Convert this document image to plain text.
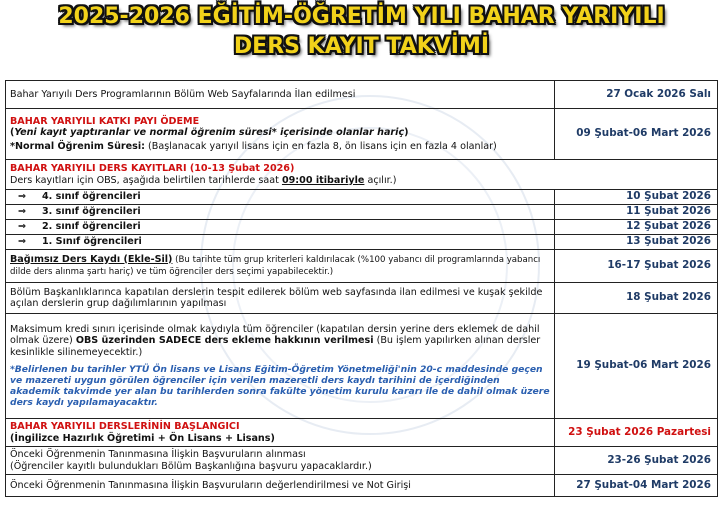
2025-2026 EĞİTİM-ÖĞRETİM YILI BAHAR YARIYILI
DERS KAYIT TAKVİMİ
Bahar Yarıyılı Ders Programlarının Bölüm Web Sayfalarında İlan edilmesi	27 Ocak 2026 Salı

BAHAR YARIYILI KATKI PAYI ÖDEME
(Yeni kayıt yaptıranlar ve normal öğrenim süresi* içerisinde olanlar hariç)
*Normal Öğrenim Süresi: (Başlanacak yarıyıl lisans için en fazla 8, ön lisans için en fazla 4 olanlar)	09 Şubat-06 Mart 2026

BAHAR YARIYILI DERS KAYITLARI (10-13 Şubat 2026)
Ders kayıtları için OBS, aşağıda belirtilen tarihlerde saat 09:00 itibariyle açılır.)	

⇒ 4. sınıf öğrencileri	10 Şubat 2026
⇒ 3. sınıf öğrencileri	11 Şubat 2026
⇒ 2. sınıf öğrencileri	12 Şubat 2026
⇒ 1. Sınıf öğrencileri	13 Şubat 2026
Bağımsız Ders Kaydı (Ekle-Sil) (Bu tarihte tüm grup kriterleri kaldırılacak (%100 yabancı dil programlarında yabancı dilde ders alınma şartı hariç) ve tüm öğrenciler ders seçimi yapabilecektir.)	16-17 Şubat 2026
Bölüm Başkanlıklarınca kapatılan derslerin tespit edilerek bölüm web sayfasında ilan edilmesi ve kuşak şekilde açılan derslerin grup dağılımlarının yapılması	18 Şubat 2026

Maksimum kredi sınırı içerisinde olmak kaydıyla tüm öğrenciler (kapatılan dersin yerine ders eklemek de dahil olmak üzere) OBS üzerinden SADECE ders ekleme hakkının verilmesi (Bu işlem yapılırken alınan dersler kesinlikle silinemeyecektir.)
*Belirlenen bu tarihler YTÜ Ön lisans ve Lisans Eğitim-Öğretim Yönetmeliği'nin 20-c maddesinde geçen ve mazereti uygun görülen öğrenciler için verilen mazeretli ders kaydı tarihini de içerdiğinden akademik takvimde yer alan bu tarihlerden sonra fakülte yönetim kurulu kararı ile de dahil olmak üzere ders kaydı yapılamayacaktır.	19 Şubat-06 Mart 2026

BAHAR YARIYILI DERSLERİNİN BAŞLANGICI
(İngilizce Hazırlık Öğretimi + Ön Lisans + Lisans)	23 Şubat 2026 Pazartesi

Önceki Öğrenmenin Tanınmasına İlişkin Başvuruların alınması
(Öğrenciler kayıtlı bulundukları Bölüm Başkanlığına başvuru yapacaklardır.)	23-26 Şubat 2026
Önceki Öğrenmenin Tanınmasına İlişkin Başvuruların değerlendirilmesi ve Not Girişi	27 Şubat-04 Mart 2026
